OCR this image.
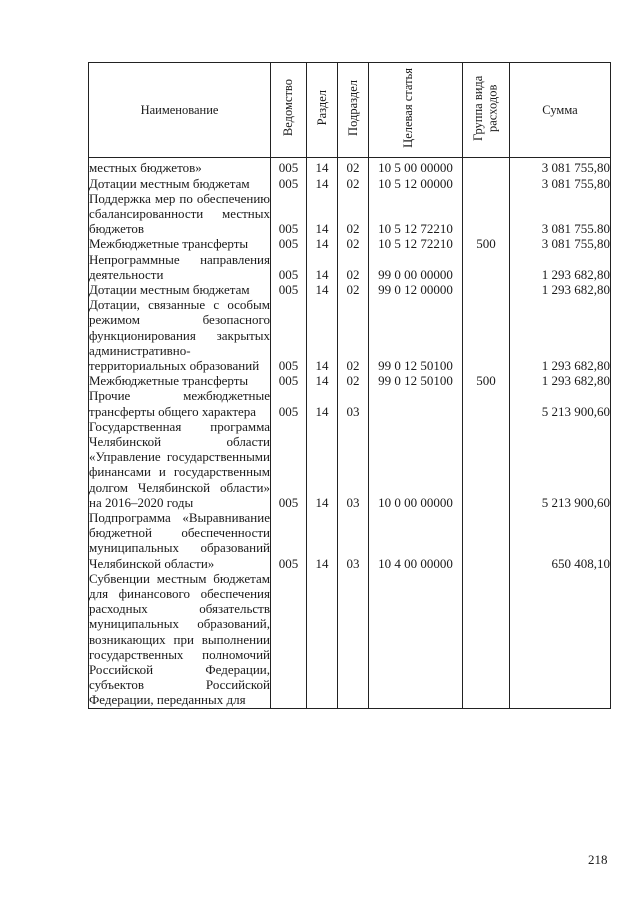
Наименование	Ведомство	Раздел	Подраздел	Целевая статья	Группа вида расходов	Сумма
местных бюджетов»	005	14	02	10 5 00 00000		3 081 755,80
Дотации местным бюджетам	005	14	02	10 5 12 00000		3 081 755,80
Поддержка мер по обеспечению сбалансированности местных бюджетов	005	14	02	10 5 12 72210		3 081 755.80
Межбюджетные трансферты	005	14	02	10 5 12 72210	500	3 081 755,80
Непрограммные направления деятельности	005	14	02	99 0 00 00000		1 293 682,80
Дотации местным бюджетам	005	14	02	99 0 12 00000		1 293 682,80
Дотации, связанные с особым режимом безопасного функционирования закрытых административно-территориальных образований	005	14	02	99 0 12 50100		1 293 682,80
Межбюджетные трансферты	005	14	02	99 0 12 50100	500	1 293 682,80
Прочие межбюджетные трансферты общего характера	005	14	03			5 213 900,60
Государственная программа Челябинской области «Управление государственными финансами и государственным долгом Челябинской области» на 2016–2020 годы	005	14	03	10 0 00 00000		5 213 900,60
Подпрограмма «Выравнивание бюджетной обеспеченности муниципальных образований Челябинской области»	005	14	03	10 4 00 00000		650 408,10
Субвенции местным бюджетам для финансового обеспечения расходных обязательств муниципальных образований, возникающих при выполнении государственных полномочий Российской Федерации, субъектов Российской Федерации, переданных для						
218
